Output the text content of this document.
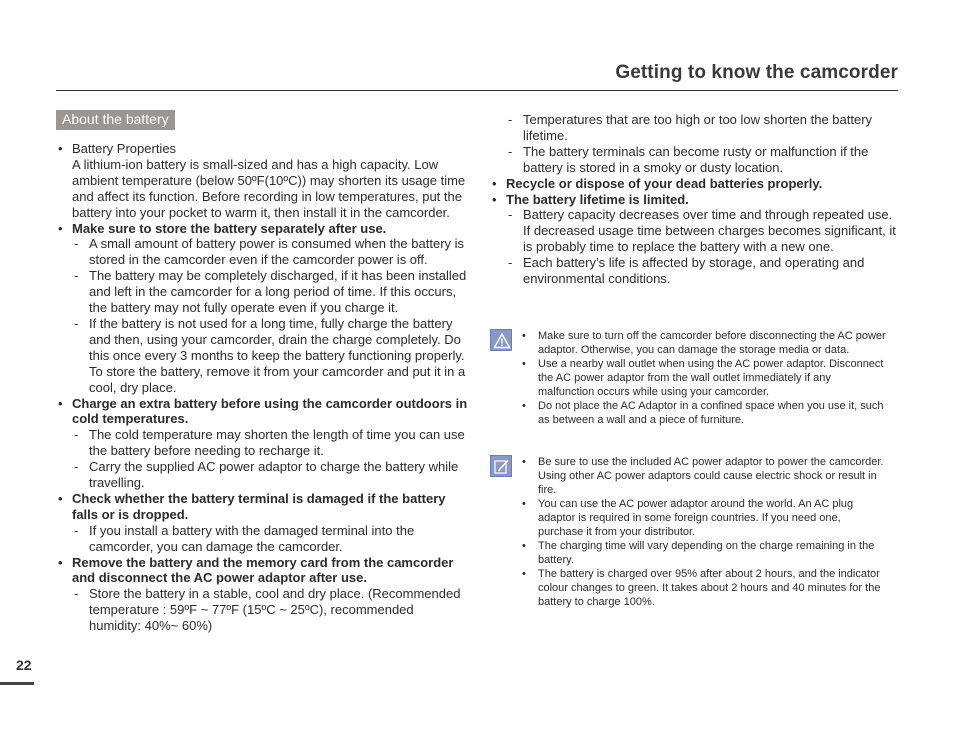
Getting to know the camcorder
About the battery
• Battery Properties
A lithium-ion battery is small-sized and has a high capacity. Low ambient temperature (below 50ºF(10ºC)) may shorten its usage time and affect its function. Before recording in low temperatures, put the battery into your pocket to warm it, then install it in the camcorder.
• Make sure to store the battery separately after use.
- A small amount of battery power is consumed when the battery is stored in the camcorder even if the camcorder power is off.
- The battery may be completely discharged, if it has been installed and left in the camcorder for a long period of time. If this occurs, the battery may not fully operate even if you charge it.
- If the battery is not used for a long time, fully charge the battery and then, using your camcorder, drain the charge completely. Do this once every 3 months to keep the battery functioning properly. To store the battery, remove it from your camcorder and put it in a cool, dry place.
• Charge an extra battery before using the camcorder outdoors in cold temperatures.
- The cold temperature may shorten the length of time you can use the battery before needing to recharge it.
- Carry the supplied AC power adaptor to charge the battery while travelling.
• Check whether the battery terminal is damaged if the battery falls or is dropped.
- If you install a battery with the damaged terminal into the camcorder, you can damage the camcorder.
• Remove the battery and the memory card from the camcorder and disconnect the AC power adaptor after use.
- Store the battery in a stable, cool and dry place. (Recommended temperature : 59ºF ~ 77ºF (15ºC ~ 25ºC), recommended humidity: 40%~ 60%)
- Temperatures that are too high or too low shorten the battery lifetime.
- The battery terminals can become rusty or malfunction if the battery is stored in a smoky or dusty location.
• Recycle or dispose of your dead batteries properly.
• The battery lifetime is limited.
- Battery capacity decreases over time and through repeated use. If decreased usage time between charges becomes significant, it is probably time to replace the battery with a new one.
- Each battery’s life is affected by storage, and operating and environmental conditions.
• Make sure to turn off the camcorder before disconnecting the AC power adaptor. Otherwise, you can damage the storage media or data.
• Use a nearby wall outlet when using the AC power adaptor. Disconnect the AC power adaptor from the wall outlet immediately if any malfunction occurs while using your camcorder.
• Do not place the AC Adaptor in a confined space when you use it, such as between a wall and a piece of furniture.
• Be sure to use the included AC power adaptor to power the camcorder. Using other AC power adaptors could cause electric shock or result in fire.
• You can use the AC power adaptor around the world. An AC plug adaptor is required in some foreign countries. If you need one, purchase it from your distributor.
• The charging time will vary depending on the charge remaining in the battery.
• The battery is charged over 95% after about 2 hours, and the indicator colour changes to green. It takes about 2 hours and 40 minutes for the battery to charge 100%.
22
